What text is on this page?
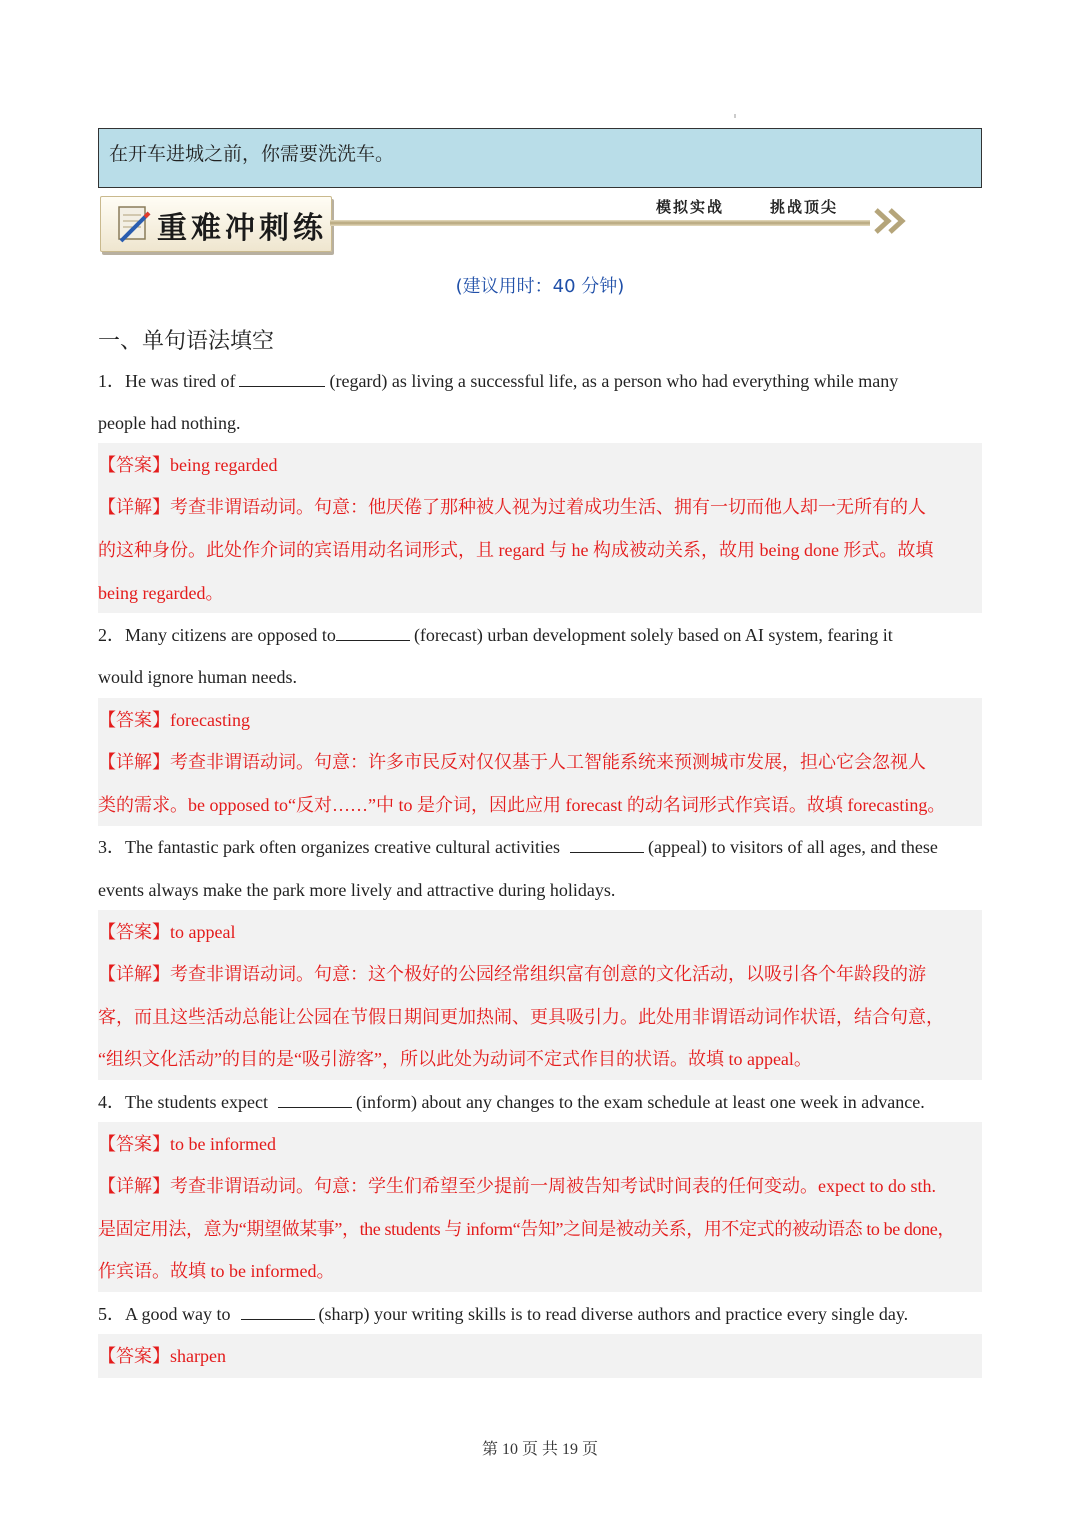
在开车进城之前，你需要洗洗车。
重难冲刺练
模拟实战	挑战顶尖
(建议用时：40 分钟)
一、单句语法填空
1．He was tired of	(regard) as living a successful life, as a person who had everything while many
people had nothing.
【答案】being regarded
【详解】考查非谓语动词。句意：他厌倦了那种被人视为过着成功生活、拥有一切而他人却一无所有的人
的这种身份。此处作介词的宾语用动名词形式，且 regard 与 he 构成被动关系，故用 being done 形式。故填
being regarded。
2．Many citizens are opposed to	(forecast) urban development solely based on AI system, fearing it
would ignore human needs.
【答案】forecasting
【详解】考查非谓语动词。句意：许多市民反对仅仅基于人工智能系统来预测城市发展，担心它会忽视人
类的需求。be opposed to“反对……”中 to 是介词，因此应用 forecast 的动名词形式作宾语。故填 forecasting。
3．The fantastic park often organizes creative cultural activities	(appeal) to visitors of all ages, and these
events always make the park more lively and attractive during holidays.
【答案】to appeal
【详解】考查非谓语动词。句意：这个极好的公园经常组织富有创意的文化活动，以吸引各个年龄段的游
客，而且这些活动总能让公园在节假日期间更加热闹、更具吸引力。此处用非谓语动词作状语，结合句意，
“组织文化活动”的目的是“吸引游客”，所以此处为动词不定式作目的状语。故填 to appeal。
4．The students expect	(inform) about any changes to the exam schedule at least one week in advance.
【答案】to be informed
【详解】考查非谓语动词。句意：学生们希望至少提前一周被告知考试时间表的任何变动。expect to do sth.
是固定用法，意为“期望做某事”，the students 与 inform“告知”之间是被动关系，用不定式的被动语态 to be done，
作宾语。故填 to be informed。
5．A good way to	(sharp) your writing skills is to read diverse authors and practice every single day.
【答案】sharpen
第 10 页 共 19 页
